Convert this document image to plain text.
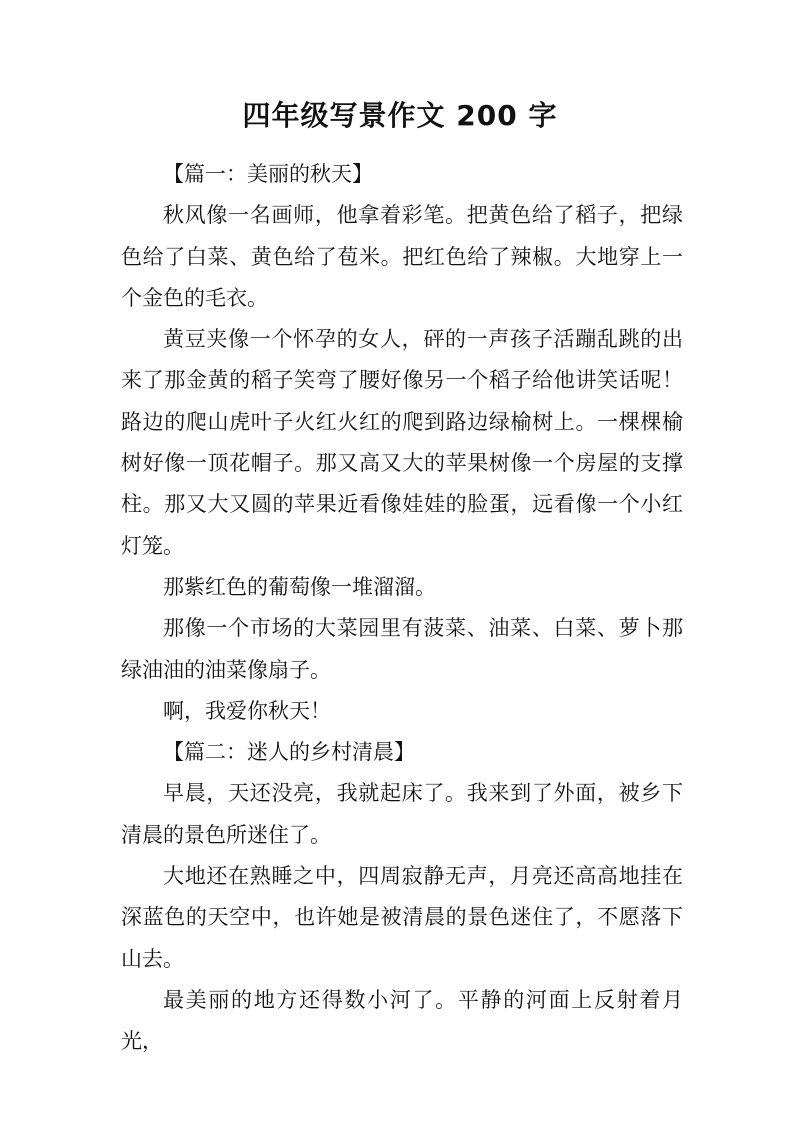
四年级写景作文 200 字

【篇一：美丽的秋天】

秋风像一名画师，他拿着彩笔。把黄色给了稻子，把绿色给了白菜、黄色给了苞米。把红色给了辣椒。大地穿上一个金色的毛衣。

黄豆夹像一个怀孕的女人，砰的一声孩子活蹦乱跳的出来了那金黄的稻子笑弯了腰好像另一个稻子给他讲笑话呢！路边的爬山虎叶子火红火红的爬到路边绿榆树上。一棵棵榆树好像一顶花帽子。那又高又大的苹果树像一个房屋的支撑柱。那又大又圆的苹果近看像娃娃的脸蛋，远看像一个小红灯笼。

那紫红色的葡萄像一堆溜溜。

那像一个市场的大菜园里有菠菜、油菜、白菜、萝卜那绿油油的油菜像扇子。

啊，我爱你秋天！

【篇二：迷人的乡村清晨】

早晨，天还没亮，我就起床了。我来到了外面，被乡下清晨的景色所迷住了。

大地还在熟睡之中，四周寂静无声，月亮还高高地挂在深蓝色的天空中，也许她是被清晨的景色迷住了，不愿落下山去。

最美丽的地方还得数小河了。平静的河面上反射着月光，
